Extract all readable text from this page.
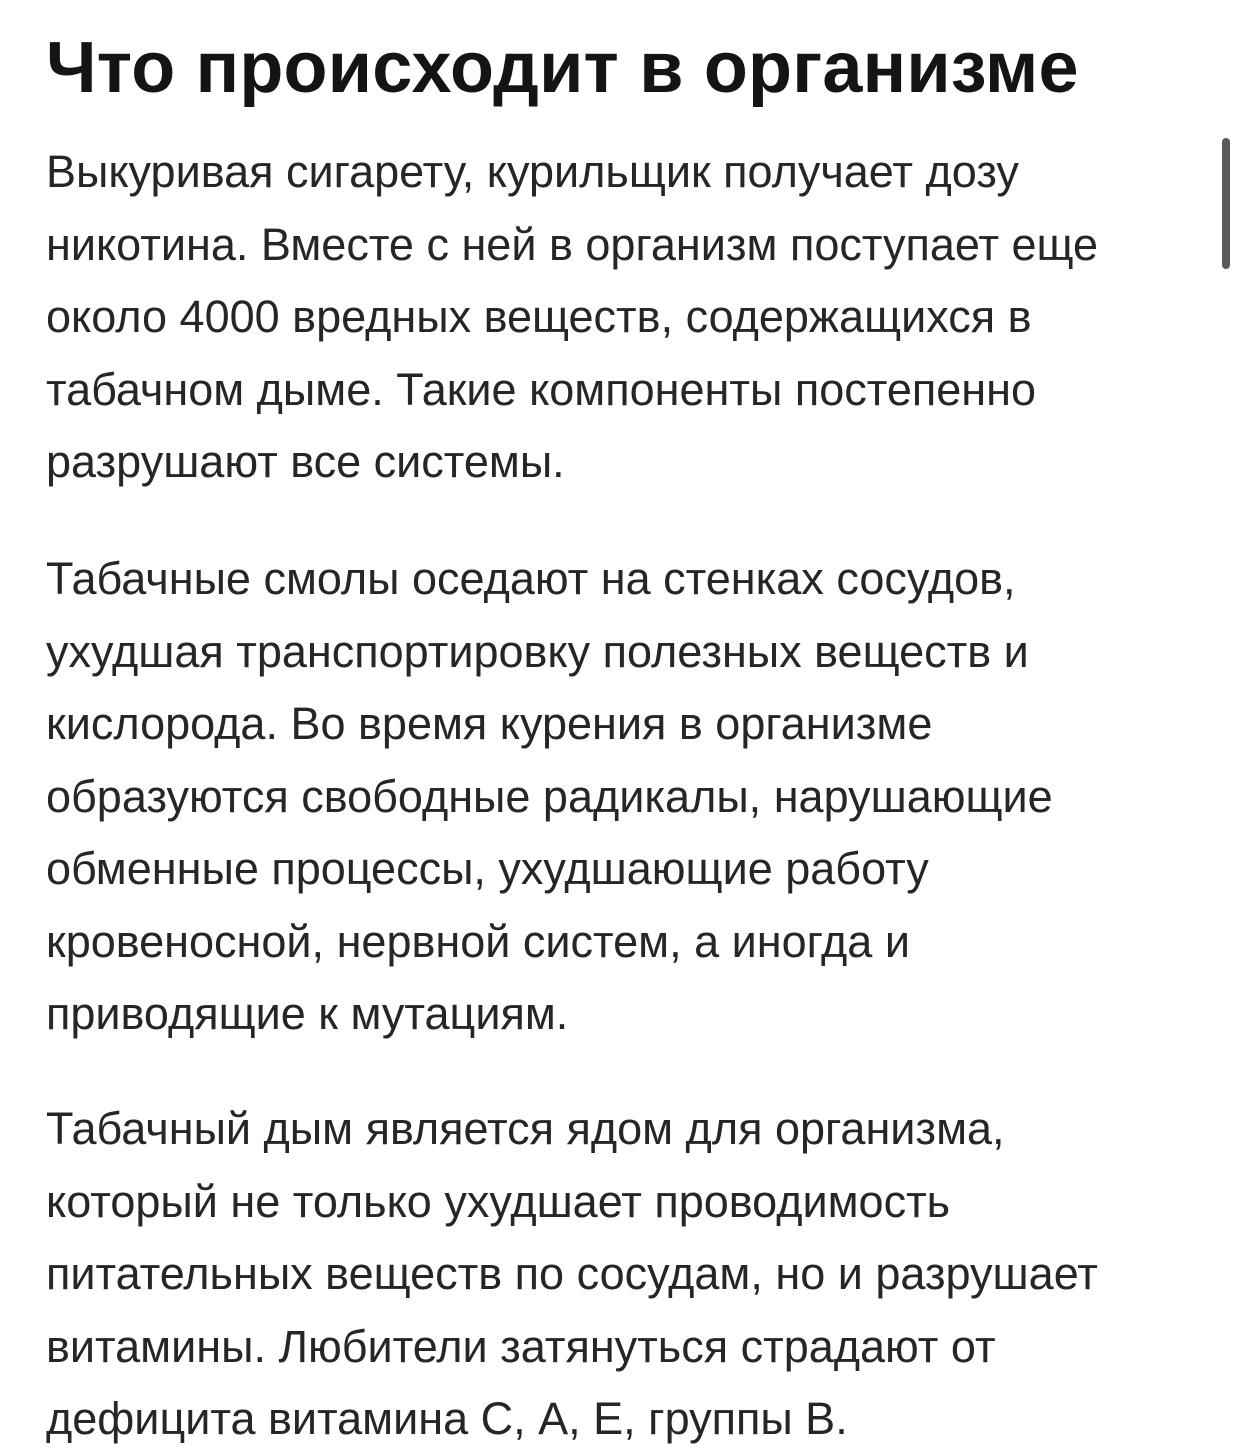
Что происходит в организме

Выкуривая сигарету, курильщик получает дозу
никотина. Вместе с ней в организм поступает еще
около 4000 вредных веществ, содержащихся в
табачном дыме. Такие компоненты постепенно
разрушают все системы.

Табачные смолы оседают на стенках сосудов,
ухудшая транспортировку полезных веществ и
кислорода. Во время курения в организме
образуются свободные радикалы, нарушающие
обменные процессы, ухудшающие работу
кровеносной, нервной систем, а иногда и
приводящие к мутациям.

Табачный дым является ядом для организма,
который не только ухудшает проводимость
питательных веществ по сосудам, но и разрушает
витамины. Любители затянуться страдают от
дефицита витамина С, А, Е, группы В.
